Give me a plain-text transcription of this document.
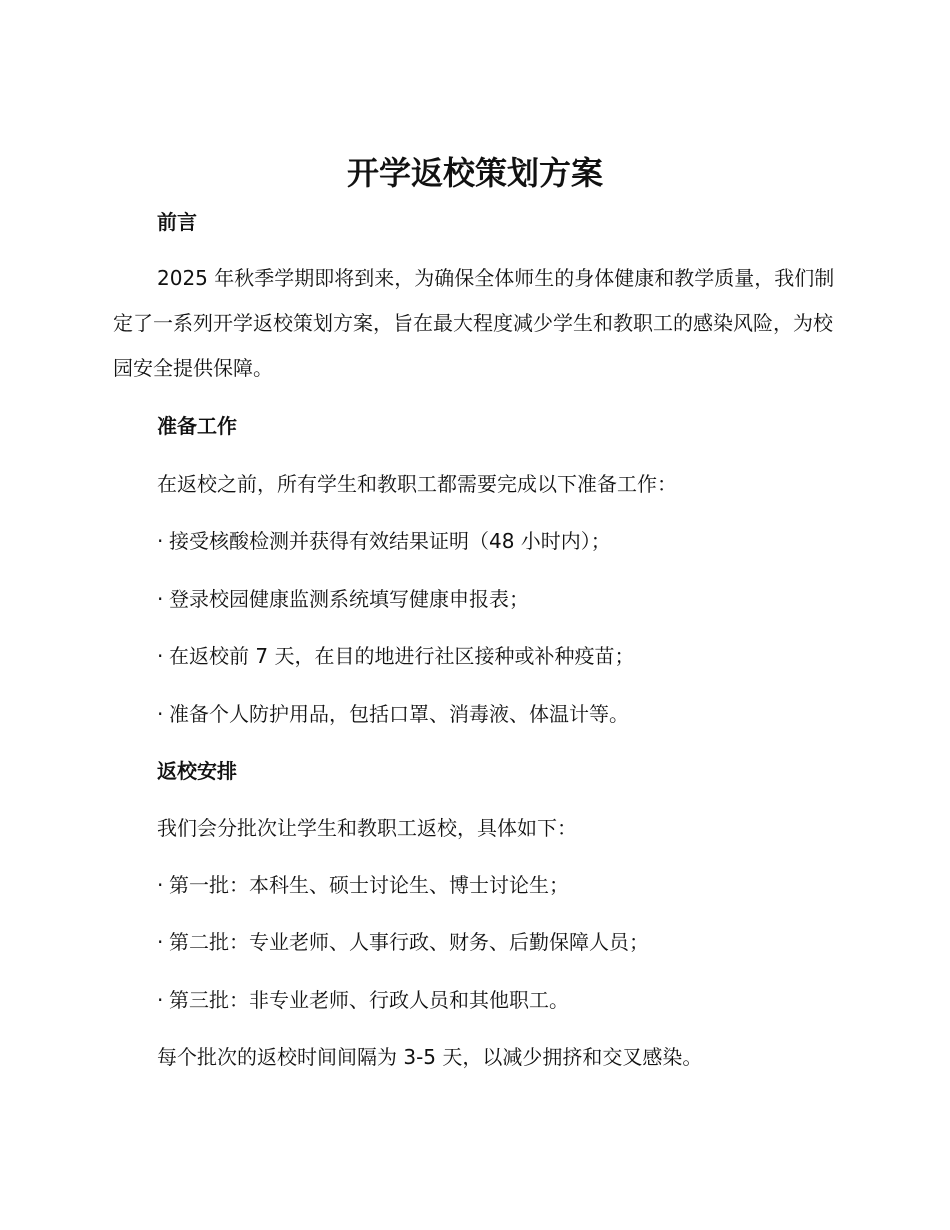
开学返校策划方案
前言

2025 年秋季学期即将到来，为确保全体师生的身体健康和教学质量，我们制定了一系列开学返校策划方案，旨在最大程度减少学生和教职工的感染风险，为校园安全提供保障。

准备工作

在返校之前，所有学生和教职工都需要完成以下准备工作：

· 接受核酸检测并获得有效结果证明（48 小时内）；

· 登录校园健康监测系统填写健康申报表；

· 在返校前 7 天，在目的地进行社区接种或补种疫苗；

· 准备个人防护用品，包括口罩、消毒液、体温计等。

返校安排

我们会分批次让学生和教职工返校，具体如下：

· 第一批：本科生、硕士讨论生、博士讨论生；

· 第二批：专业老师、人事行政、财务、后勤保障人员；

· 第三批：非专业老师、行政人员和其他职工。

每个批次的返校时间间隔为 3-5 天，以减少拥挤和交叉感染。
